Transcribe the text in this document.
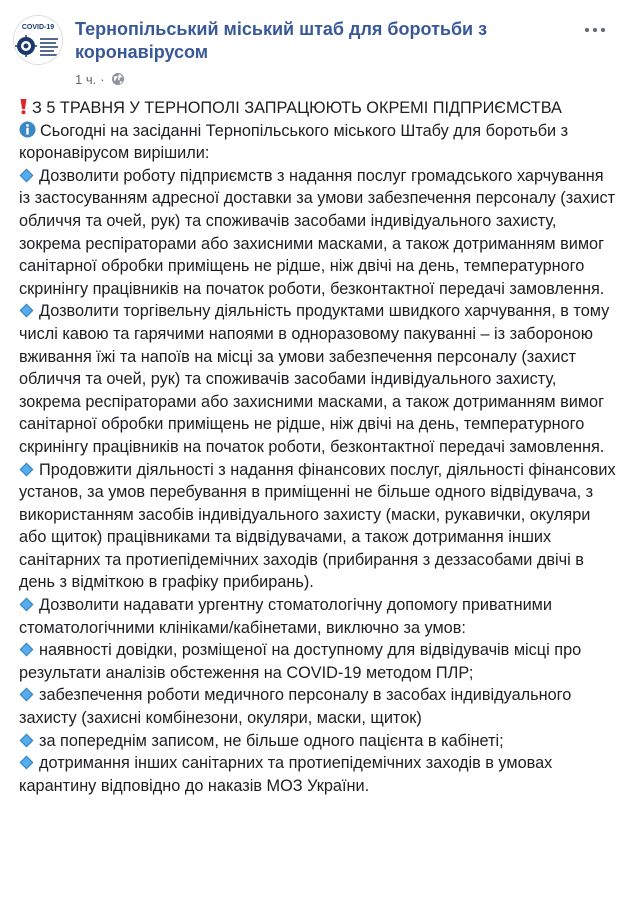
COVID-19 Тернопільський міський штаб для боротьби з коронавірусом
1 ч. ·

З 5 ТРАВНЯ У ТЕРНОПОЛІ ЗАПРАЦЮЮТЬ ОКРЕМІ ПІДПРИЄМСТВА

Сьогодні на засіданні Тернопільського міського Штабу для боротьби з коронавірусом вирішили:

Дозволити роботу підприємств з надання послуг громадського харчування із застосуванням адресної доставки за умови забезпечення персоналу (захист обличчя та очей, рук) та споживачів засобами індивідуального захисту, зокрема респіраторами або захисними масками, а також дотриманням вимог санітарної обробки приміщень не рідше, ніж двічі на день, температурного скринінгу працівників на початок роботи, безконтактної передачі замовлення.

Дозволити торгівельну діяльність продуктами швидкого харчування, в тому числі кавою та гарячими напоями в одноразовому пакуванні – із забороною вживання їжі та напоїв на місці за умови забезпечення персоналу (захист обличчя та очей, рук) та споживачів засобами індивідуального захисту, зокрема респіраторами або захисними масками, а також дотриманням вимог санітарної обробки приміщень не рідше, ніж двічі на день, температурного скринінгу працівників на початок роботи, безконтактної передачі замовлення.

Продовжити діяльності з надання фінансових послуг, діяльності фінансових установ, за умов перебування в приміщенні не більше одного відвідувача, з використанням засобів індивідуального захисту (маски, рукавички, окуляри або щиток) працівниками та відвідувачами, а також дотримання інших санітарних та протиепідемічних заходів (прибирання з деззасобами двічі в день з відміткою в графіку прибирань).

Дозволити надавати ургентну стоматологічну допомогу приватними стоматологічними клініками/кабінетами, виключно за умов:

наявності довідки, розміщеної на доступному для відвідувачів місці про результати аналізів обстеження на COVID-19 методом ПЛР;

забезпечення роботи медичного персоналу в засобах індивідуального захисту (захисні комбінезони, окуляри, маски, щиток)

за попереднім записом, не більше одного пацієнта в кабінеті;

дотримання інших санітарних та протиепідемічних заходів в умовах карантину відповідно до наказів МОЗ України.
